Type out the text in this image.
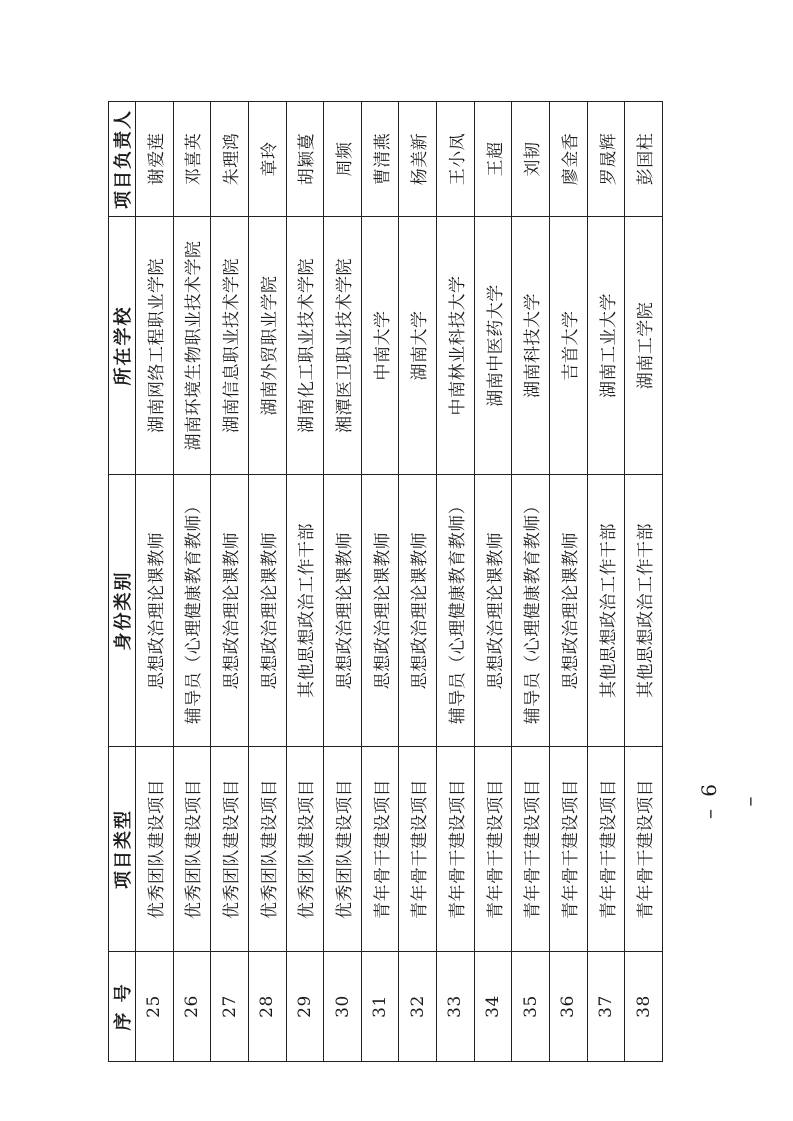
序 号	项目类型	身份类别	所在学校	项目负责人
25	优秀团队建设项目	思想政治理论课教师	湖南网络工程职业学院	谢爱莲
26	优秀团队建设项目	辅导员（心理健康教育教师）	湖南环境生物职业技术学院	邓喜英
27	优秀团队建设项目	思想政治理论课教师	湖南信息职业技术学院	朱理鸿
28	优秀团队建设项目	思想政治理论课教师	湖南外贸职业学院	章玲
29	优秀团队建设项目	其他思想政治工作干部	湖南化工职业技术学院	胡颖蔓
30	优秀团队建设项目	思想政治理论课教师	湘潭医卫职业技术学院	周频
31	青年骨干建设项目	思想政治理论课教师	中南大学	曹清燕
32	青年骨干建设项目	思想政治理论课教师	湖南大学	杨美新
33	青年骨干建设项目	辅导员（心理健康教育教师）	中南林业科技大学	王小凤
34	青年骨干建设项目	思想政治理论课教师	湖南中医药大学	王超
35	青年骨干建设项目	辅导员（心理健康教育教师）	湖南科技大学	刘韧
36	青年骨干建设项目	思想政治理论课教师	吉首大学	廖金香
37	青年骨干建设项目	其他思想政治工作干部	湖南工业大学	罗晟辉
38	青年骨干建设项目	其他思想政治工作干部	湖南工学院	彭国柱
– 6 –
